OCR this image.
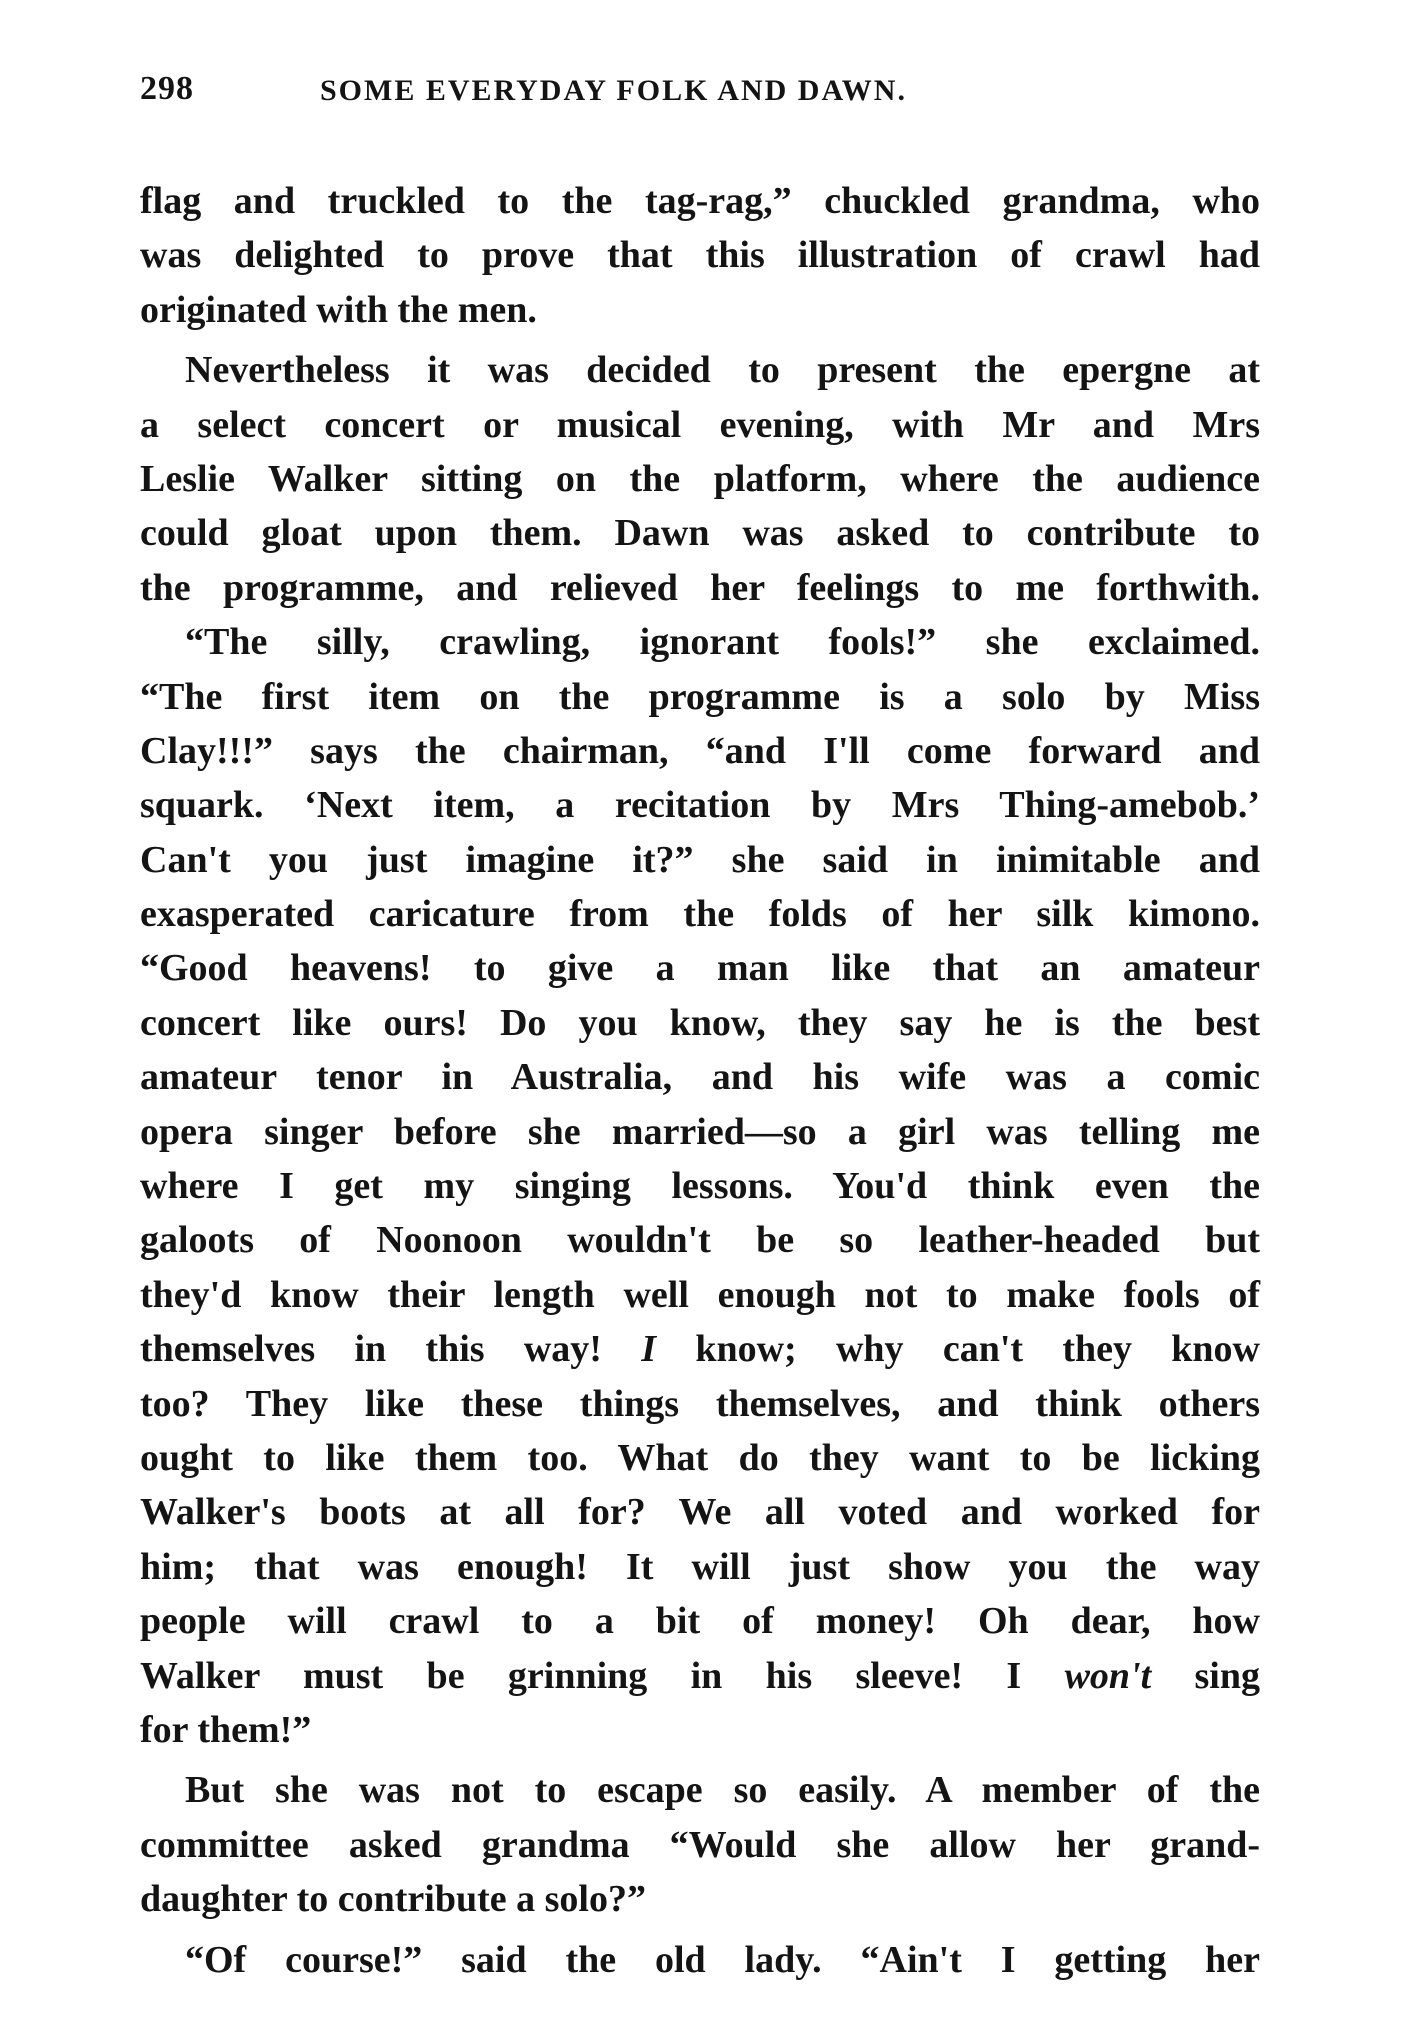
298	SOME EVERYDAY FOLK AND DAWN.
flag and truckled to the tag-rag,” chuckled grandma, who
was delighted to prove that this illustration of crawl had
originated with the men.
Nevertheless it was decided to present the epergne at
a select concert or musical evening, with Mr and Mrs
Leslie Walker sitting on the platform, where the audience
could gloat upon them. Dawn was asked to contribute to
the programme, and relieved her feelings to me forthwith.
“The silly, crawling, ignorant fools!” she exclaimed.
“The first item on the programme is a solo by Miss
Clay!!!” says the chairman, “and I'll come forward and
squark. ‘Next item, a recitation by Mrs Thing-amebob.’
Can't you just imagine it?” she said in inimitable and
exasperated caricature from the folds of her silk kimono.
“Good heavens! to give a man like that an amateur
concert like ours! Do you know, they say he is the best
amateur tenor in Australia, and his wife was a comic
opera singer before she married—so a girl was telling me
where I get my singing lessons. You'd think even the
galoots of Noonoon wouldn't be so leather-headed but
they'd know their length well enough not to make fools of
themselves in this way! I know; why can't they know
too? They like these things themselves, and think others
ought to like them too. What do they want to be licking
Walker's boots at all for? We all voted and worked for
him; that was enough! It will just show you the way
people will crawl to a bit of money! Oh dear, how
Walker must be grinning in his sleeve! I won't sing
for them!”
But she was not to escape so easily. A member of the
committee asked grandma “Would she allow her grand-
daughter to contribute a solo?”
“Of course!” said the old lady. “Ain't I getting her
